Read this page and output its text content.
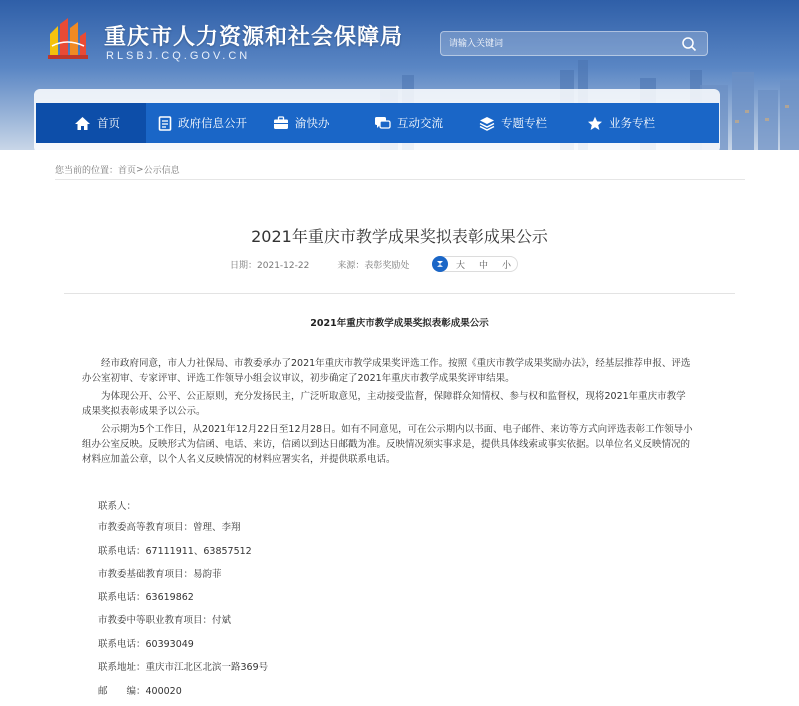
重庆市人力资源和社会保障局
RLSBJ.CQ.GOV.CN
请输入关键词
首页	政府信息公开	渝快办	互动交流	专题专栏	业务专栏
您当前的位置： 首页 > 公示信息
2021年重庆市教学成果奖拟表彰成果公示
日期：2021-12-22	来源：表彰奖励处	大 中 小
2021年重庆市教学成果奖拟表彰成果公示

经市政府同意，市人力社保局、市教委承办了2021年重庆市教学成果奖评选工作。按照《重庆市教学成果奖励办法》，经基层推荐申报、评选办公室初审、专家评审、评选工作领导小组会议审议，初步确定了2021年重庆市教学成果奖评审结果。

为体现公开、公平、公正原则，充分发扬民主，广泛听取意见，主动接受监督，保障群众知情权、参与权和监督权，现将2021年重庆市教学成果奖拟表彰成果予以公示。

公示期为5个工作日，从2021年12月22日至12月28日。如有不同意见，可在公示期内以书面、电子邮件、来访等方式向评选表彰工作领导小组办公室反映。反映形式为信函、电话、来访，信函以到达日邮戳为准。反映情况须实事求是，提供具体线索或事实依据。以单位名义反映情况的材料应加盖公章，以个人名义反映情况的材料应署实名，并提供联系电话。

联系人：
市教委高等教育项目：曾理、李翔
联系电话：67111911、63857512
市教委基础教育项目：易韵菲
联系电话：63619862
市教委中等职业教育项目：付斌
联系电话：60393049
联系地址：重庆市江北区北滨一路369号
邮　　编：400020
